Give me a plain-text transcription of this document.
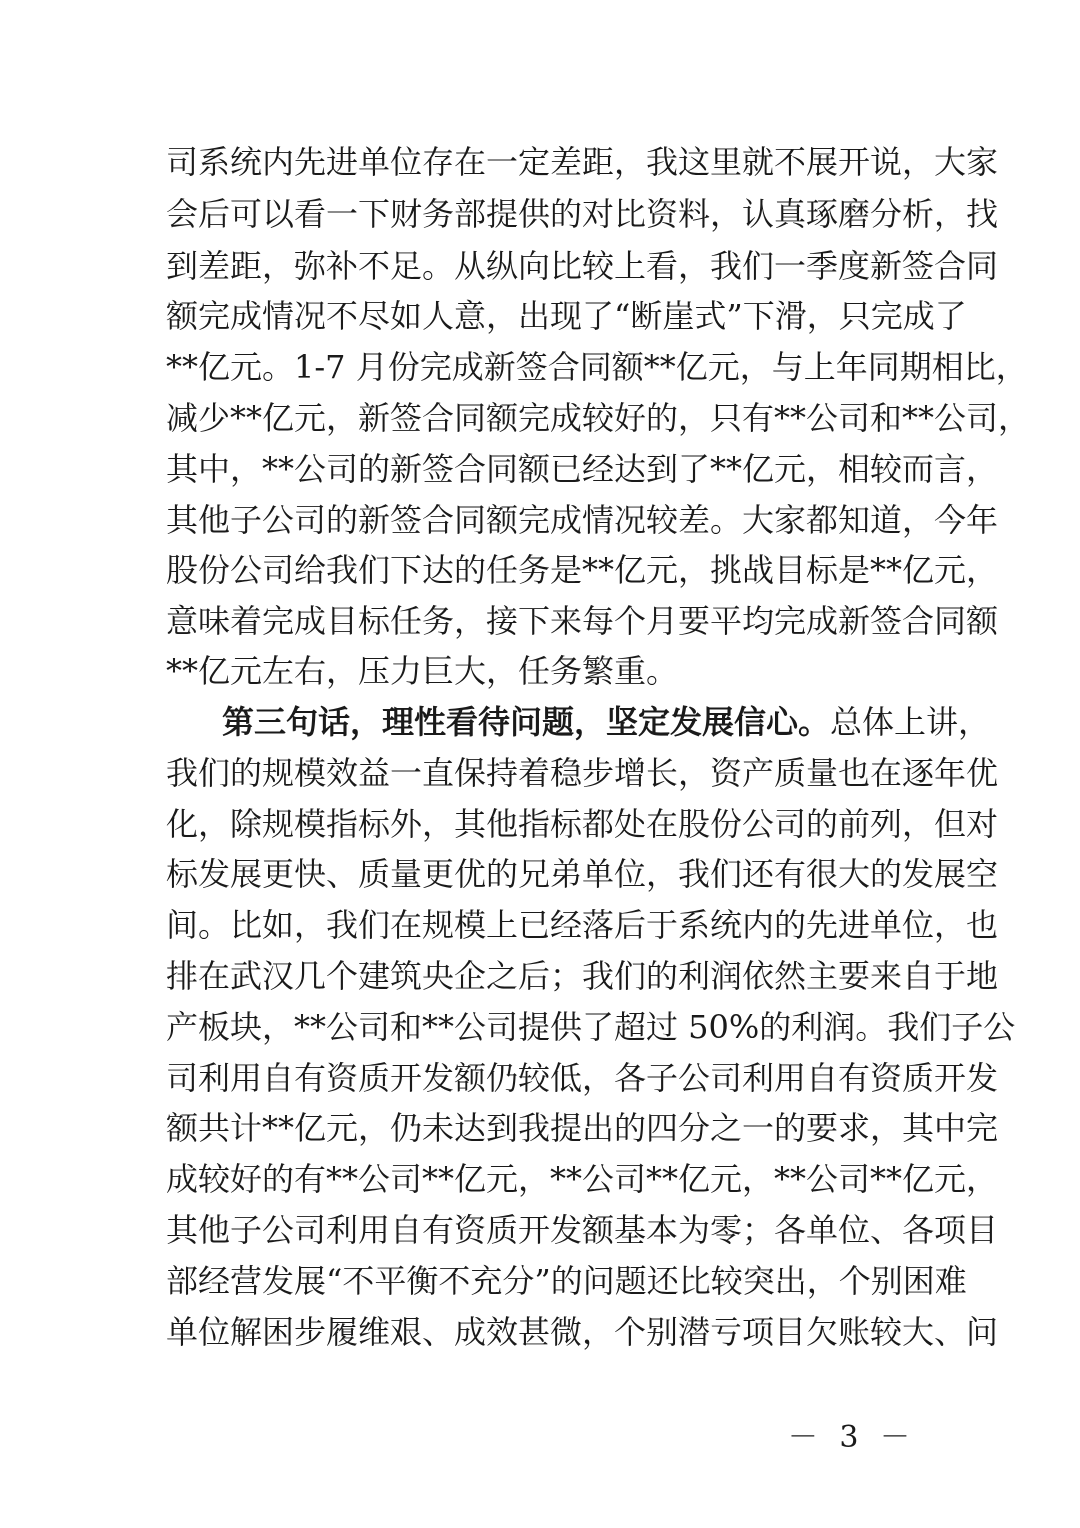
司系统内先进单位存在一定差距，我这里就不展开说，大家
会后可以看一下财务部提供的对比资料，认真琢磨分析，找
到差距，弥补不足。从纵向比较上看，我们一季度新签合同
额完成情况不尽如人意，出现了“断崖式”下滑，只完成了
**亿元。1-7 月份完成新签合同额**亿元，与上年同期相比，
减少**亿元，新签合同额完成较好的，只有**公司和**公司，
其中，**公司的新签合同额已经达到了**亿元，相较而言，
其他子公司的新签合同额完成情况较差。大家都知道，今年
股份公司给我们下达的任务是**亿元，挑战目标是**亿元，
意味着完成目标任务，接下来每个月要平均完成新签合同额
**亿元左右，压力巨大，任务繁重。
第三句话，理性看待问题，坚定发展信心。总体上讲，
我们的规模效益一直保持着稳步增长，资产质量也在逐年优
化，除规模指标外，其他指标都处在股份公司的前列，但对
标发展更快、质量更优的兄弟单位，我们还有很大的发展空
间。比如，我们在规模上已经落后于系统内的先进单位，也
排在武汉几个建筑央企之后；我们的利润依然主要来自于地
产板块，**公司和**公司提供了超过 50%的利润。我们子公
司利用自有资质开发额仍较低，各子公司利用自有资质开发
额共计**亿元，仍未达到我提出的四分之一的要求，其中完
成较好的有**公司**亿元，**公司**亿元，**公司**亿元，
其他子公司利用自有资质开发额基本为零；各单位、各项目
部经营发展“不平衡不充分”的问题还比较突出，个别困难
单位解困步履维艰、成效甚微，个别潜亏项目欠账较大、问
－ 3 －
